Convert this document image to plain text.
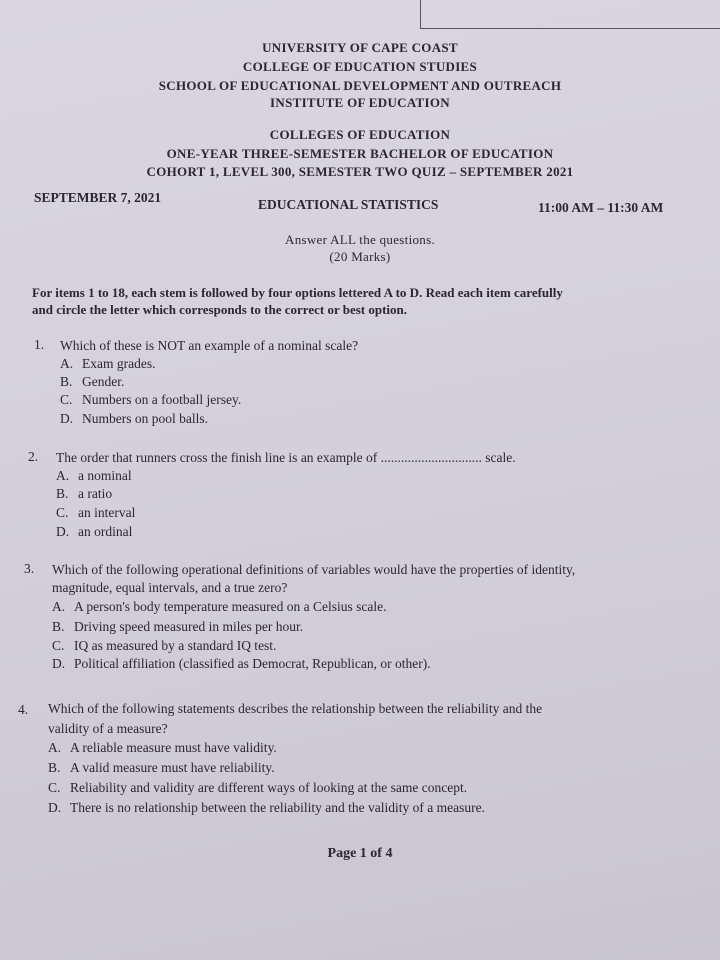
UNIVERSITY OF CAPE COAST
COLLEGE OF EDUCATION STUDIES
SCHOOL OF EDUCATIONAL DEVELOPMENT AND OUTREACH
INSTITUTE OF EDUCATION
COLLEGES OF EDUCATION
ONE-YEAR THREE-SEMESTER BACHELOR OF EDUCATION
COHORT 1, LEVEL 300, SEMESTER TWO QUIZ – SEPTEMBER 2021
SEPTEMBER 7, 2021	EDUCATIONAL STATISTICS	11:00 AM – 11:30 AM
Answer ALL the questions.
(20 Marks)
For items 1 to 18, each stem is followed by four options lettered A to D. Read each item carefully
and circle the letter which corresponds to the correct or best option.
1. Which of these is NOT an example of a nominal scale?
A. Exam grades.
B. Gender.
C. Numbers on a football jersey.
D. Numbers on pool balls.
2. The order that runners cross the finish line is an example of .............................. scale.
A. a nominal
B. a ratio
C. an interval
D. an ordinal
3. Which of the following operational definitions of variables would have the properties of identity,
magnitude, equal intervals, and a true zero?
A. A person's body temperature measured on a Celsius scale.
B. Driving speed measured in miles per hour.
C. IQ as measured by a standard IQ test.
D. Political affiliation (classified as Democrat, Republican, or other).
4. Which of the following statements describes the relationship between the reliability and the
validity of a measure?
A. A reliable measure must have validity.
B. A valid measure must have reliability.
C. Reliability and validity are different ways of looking at the same concept.
D. There is no relationship between the reliability and the validity of a measure.
Page 1 of 4
